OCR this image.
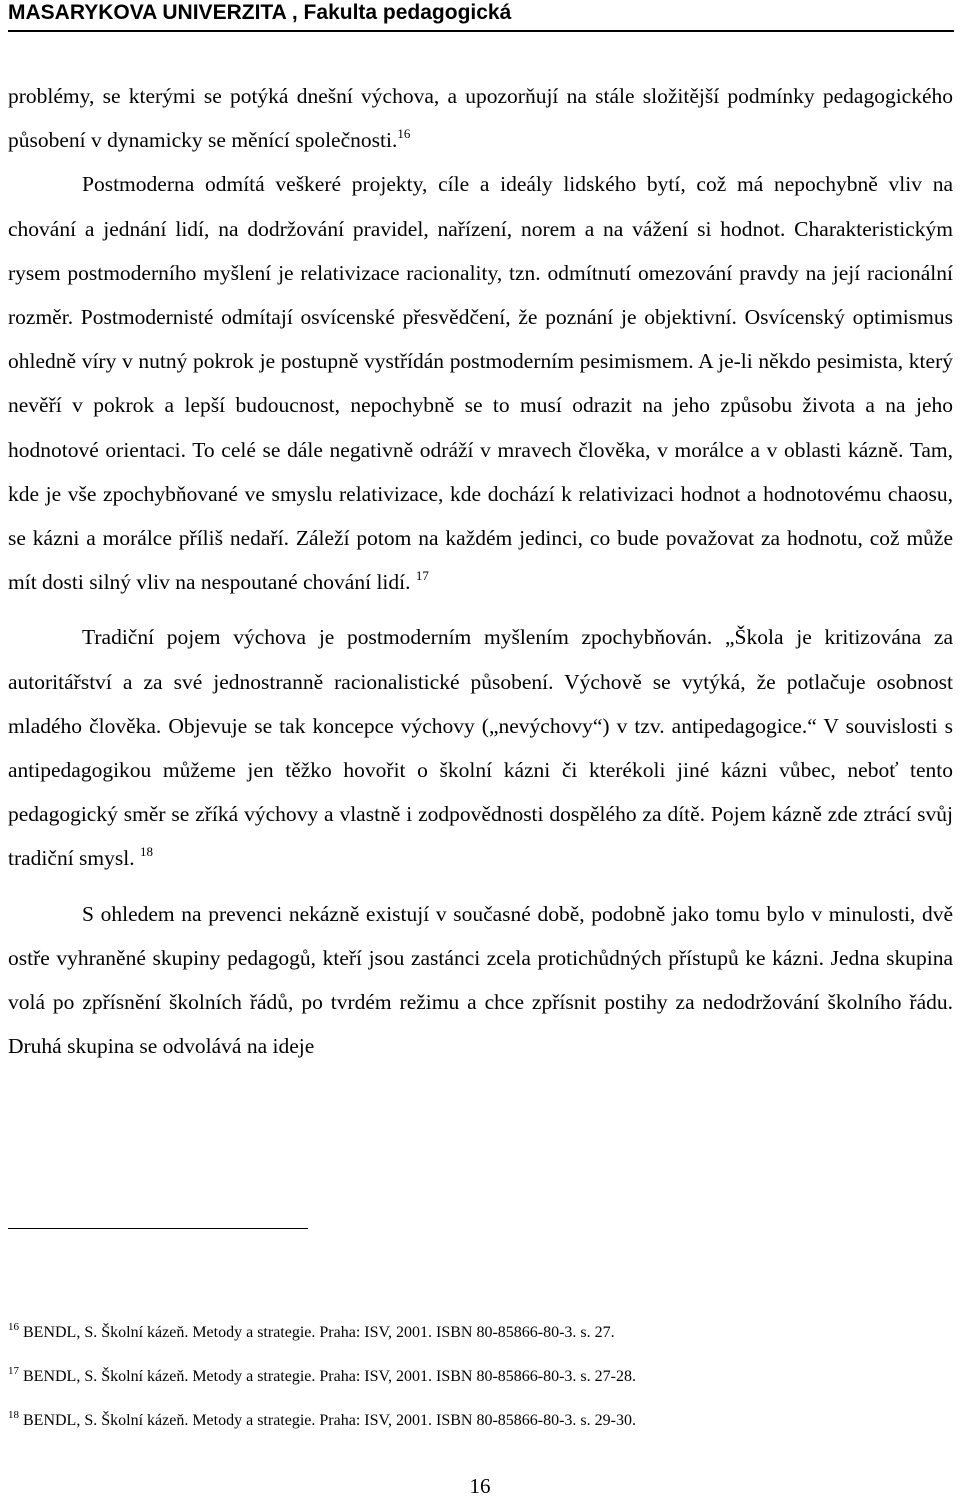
MASARYKOVA UNIVERZITA , Fakulta pedagogická

problémy, se kterými se potýká dnešní výchova, a upozorňují na stále složitější podmínky pedagogického působení v dynamicky se měnící společnosti.$^{16}$

Postmoderna odmítá veškeré projekty, cíle a ideály lidského bytí, což má nepochybně vliv na chování a jednání lidí, na dodržování pravidel, nařízení, norem a na vážení si hodnot. Charakteristickým rysem postmoderního myšlení je relativizace racionality, tzn. odmítnutí omezování pravdy na její racionální rozměr. Postmodernisté odmítají osvícenské přesvědčení, že poznání je objektivní. Osvícenský optimismus ohledně víry v nutný pokrok je postupně vystřídán postmoderním pesimismem. A je-li někdo pesimista, který nevěří v pokrok a lepší budoucnost, nepochybně se to musí odrazit na jeho způsobu života a na jeho hodnotové orientaci. To celé se dále negativně odráží v mravech člověka, v morálce a v oblasti kázně. Tam, kde je vše zpochybňované ve smyslu relativizace, kde dochází k relativizaci hodnot a hodnotovému chaosu, se kázni a morálce příliš nedaří. Záleží potom na každém jedinci, co bude považovat za hodnotu, což může mít dosti silný vliv na nespoutané chování lidí. $^{17}$

Tradiční pojem výchova je postmoderním myšlením zpochybňován. „Škola je kritizována za autoritářství a za své jednostranně racionalistické působení. Výchově se vytýká, že potlačuje osobnost mladého člověka. Objevuje se tak koncepce výchovy („nevýchovy“) v tzv. antipedagogice.“ V souvislosti s antipedagogikou můžeme jen těžko hovořit o školní kázni či kterékoli jiné kázni vůbec, neboť tento pedagogický směr se zříká výchovy a vlastně i zodpovědnosti dospělého za dítě. Pojem kázně zde ztrácí svůj tradiční smysl. $^{18}$

S ohledem na prevenci nekázně existují v současné době, podobně jako tomu bylo v minulosti, dvě ostře vyhraněné skupiny pedagogů, kteří jsou zastánci zcela protichůdných přístupů ke kázni. Jedna skupina volá po zpřísnění školních řádů, po tvrdém režimu a chce zpřísnit postihy za nedodržování školního řádu. Druhá skupina se odvolává na ideje

$^{16}$ BENDL, S. Školní kázeň. Metody a strategie. Praha: ISV, 2001. ISBN 80-85866-80-3. s. 27.

$^{17}$ BENDL, S. Školní kázeň. Metody a strategie. Praha: ISV, 2001. ISBN 80-85866-80-3. s. 27-28.

$^{18}$ BENDL, S. Školní kázeň. Metody a strategie. Praha: ISV, 2001. ISBN 80-85866-80-3. s. 29-30.

16
